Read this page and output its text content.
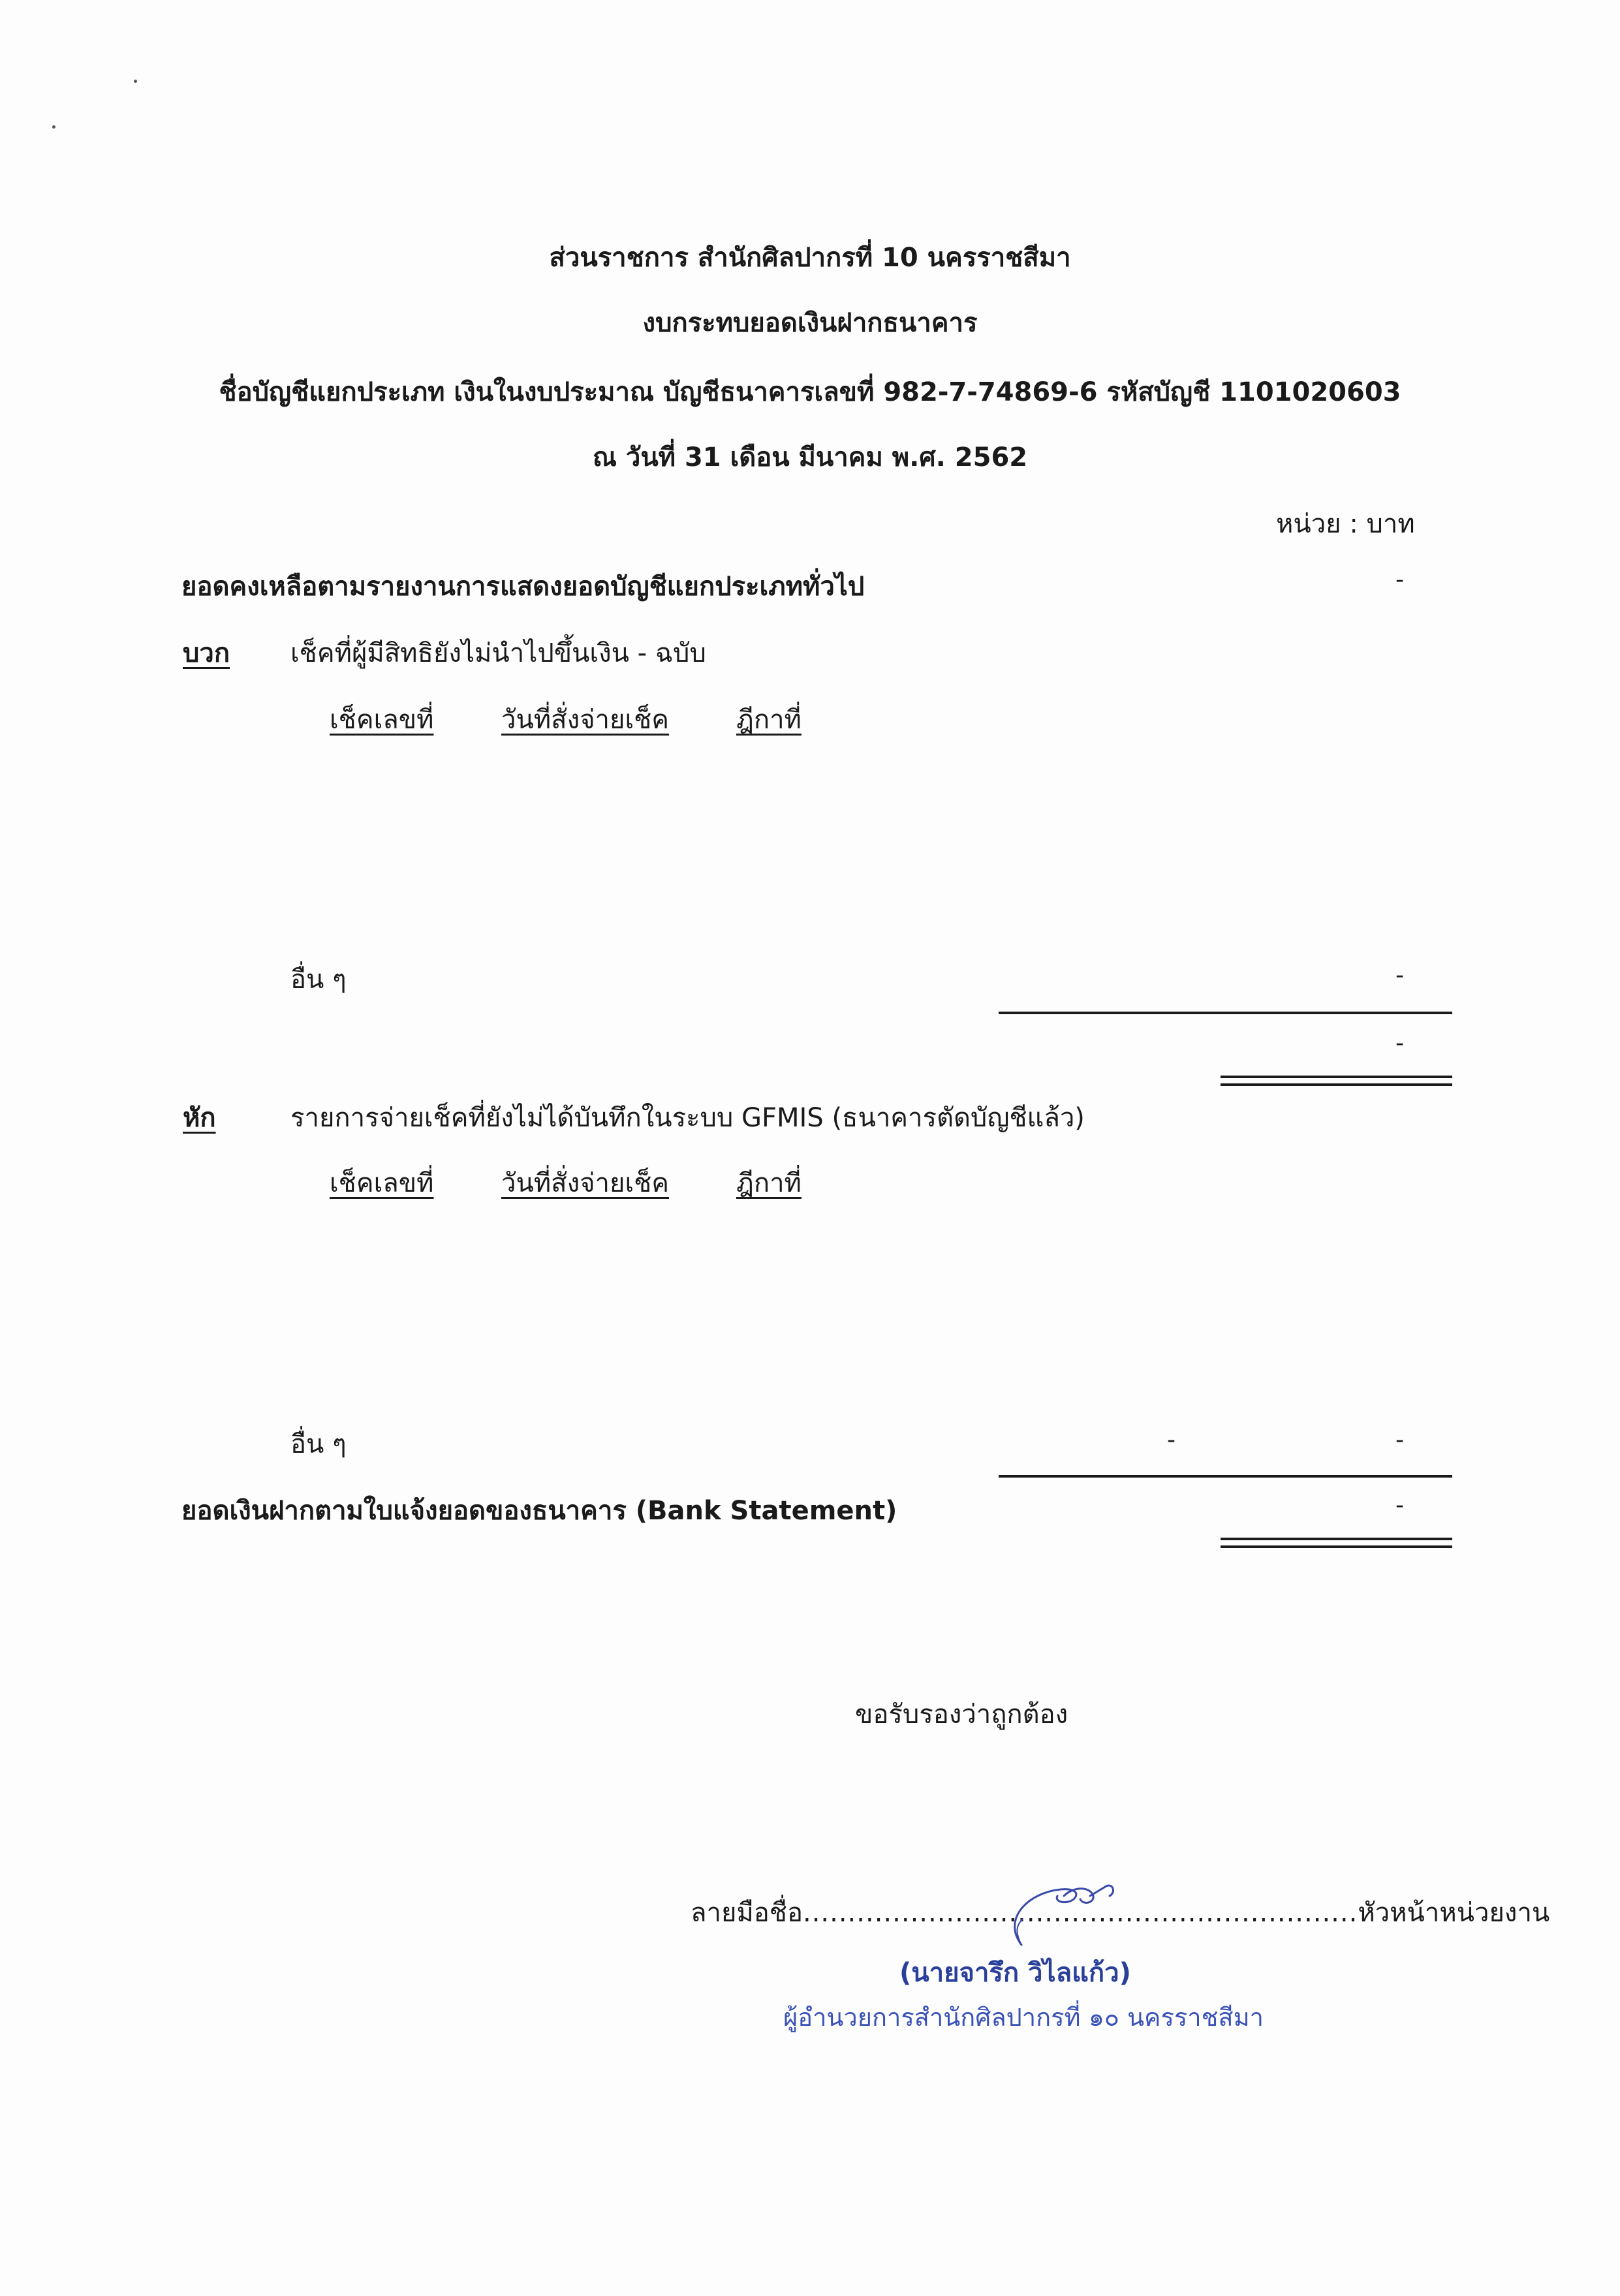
ส่วนราชการ สำนักศิลปากรที่ 10 นครราชสีมา
งบกระทบยอดเงินฝากธนาคาร
ชื่อบัญชีแยกประเภท เงินในงบประมาณ บัญชีธนาคารเลขที่ 982-7-74869-6 รหัสบัญชี 1101020603
ณ วันที่ 31 เดือน มีนาคม พ.ศ. 2562
หน่วย : บาท
ยอดคงเหลือตามรายงานการแสดงยอดบัญชีแยกประเภททั่วไป	-
บวก เช็คที่ผู้มีสิทธิยังไม่นำไปขึ้นเงิน - ฉบับ
เช็คเลขที่	วันที่สั่งจ่ายเช็ค	ฎีกาที่
อื่น ๆ	-
-
หัก	รายการจ่ายเช็คที่ยังไม่ได้บันทึกในระบบ GFMIS (ธนาคารตัดบัญชีแล้ว)
เช็คเลขที่	วันที่สั่งจ่ายเช็ค	ฎีกาที่
อื่น ๆ	-	-
ยอดเงินฝากตามใบแจ้งยอดของธนาคาร (Bank Statement)	-
ขอรับรองว่าถูกต้อง
ลายมือชื่อ..............................................................หัวหน้าหน่วยงาน
(นายจารึก วิไลแก้ว)
ผู้อำนวยการสำนักศิลปากรที่ ๑๐ นครราชสีมา
